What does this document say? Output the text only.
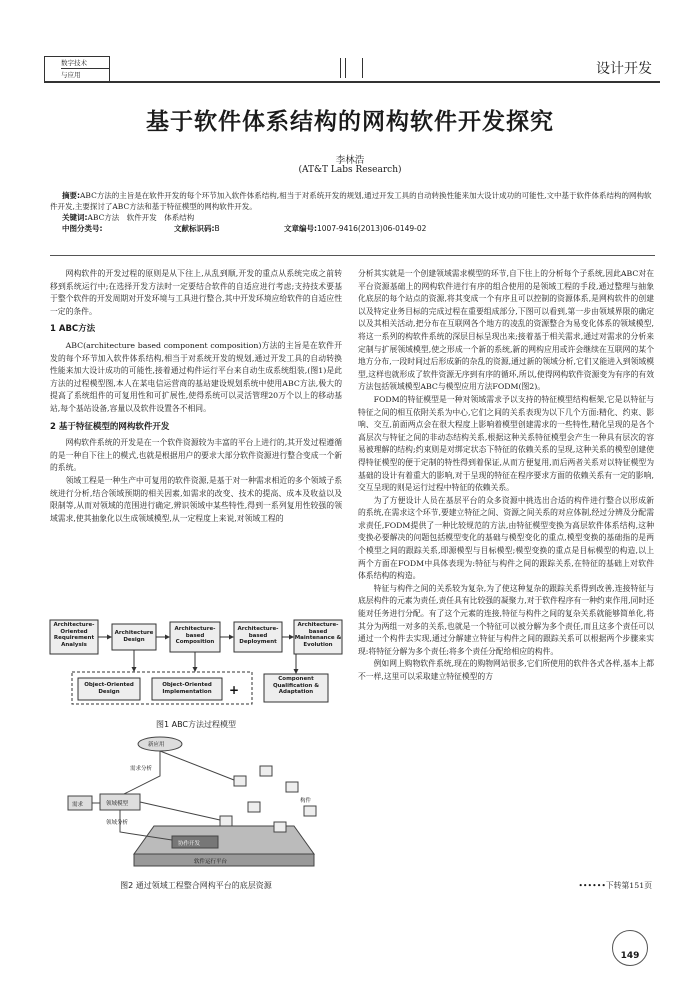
数字技术
与应用	设计开发
基于软件体系结构的网构软件开发探究
李林浩
(AT&T Labs Research)
摘要:ABC方法的主旨是在软件开发的每个环节加入软件体系结构,相当于对系统开发的规划,通过开发工具的自动转换性能来加大设计成功的可能性,文中基于软件体系结构的网构软件开发,主要探讨了ABC方法和基于特征模型的网构软件开发。
关键词:ABC方法　软件开发　体系结构
中图分类号:	文献标识码:B	文章编号:1007-9416(2013)06-0149-02

网构软件的开发过程的原则是从下往上,从乱到顺,开发的重点从系统完成之前转移到系统运行中;在选择开发方法时一定要结合软件的自适应进行考虑;支持技术要基于整个软件的开发周期对开发环境与工具进行整合,其中开发环境应给软件的自适应性一定的条件。

1 ABC方法

ABC(architecture based component composition)方法的主旨是在软件开发的每个环节加入软件体系结构,相当于对系统开发的规划,通过开发工具的自动转换性能来加大设计成功的可能性,接着通过构件运行平台来自动生成系统组装,(图1)是此方法的过程模型图,本人在某电信运营商的基站建设规划系统中使用ABC方法,极大的提高了系统组件的可复用性和可扩展性,使得系统可以灵活管理20万个以上的移动基站,每个基站设备,容量以及软件设置各不相同。

2 基于特征模型的网构软件开发

网构软件系统的开发是在一个软件资源较为丰富的平台上进行的,其开发过程遵循的是一种自下往上的模式,也就是根据用户的要求大部分软件资源进行整合变成一个新的系统。

领域工程是一种生产中可复用的软件资源,是基于对一种需求相近的多个领域子系统进行分析,结合领域预期的相关因素,如需求的改变、技术的提高、成本及收益以及限制等,从而对领域的范围进行确定,辨识领域中某些特性,得到一系列复用性较强的领域需求,使其抽象化以生成领域模型,从一定程度上来说,对领域工程的

Architecture-Oriented Requirement Analysis
Architecture Design
Architecture-based Composition
Architecture-based Deployment
Architecture-based Maintenance & Evolution
Object-Oriented Design
Object-Oriented Implementation	+
Component Qualification & Adaptation
图1 ABC方法过程模型
新应用
需求分析
需求	领域模型
领域分析
构件
软件运行平台
协作开发
图2 通过领域工程整合网构平台的底层资源

分析其实就是一个创建领域需求模型的环节,自下往上的分析每个子系统,因此ABC对在平台资源基础上的网构软件进行有序的组合使用的是领域工程的手段,通过整理与抽象化底层的每个站点的资源,将其变成一个有序且可以控制的资源体系,是网构软件的创建以及特定业务目标的完成过程在重要组成部分,下图可以看到,第一步由领域界限的确定以及其相关活动,把分布在互联网各个地方的凌乱的资源整合为易变化体系的领域模型,将这一系列的构软件系统的深层目标呈现出来;接着基于相关需求,通过对需求的分析来定制与扩展领域模型,使之形成一个新的系统,新的网构应用或许会继续在互联网的某个地方分布,一段时间过后形成新的杂乱的资源,通过新的领域分析,它们又能进入到领域模型,这样也就形成了软件资源无序到有序的循环,所以,使得网构软件资源变为有序的有效方法包括领域模型ABC与模型应用方法FODM(图2)。

FODM的特征模型是一种对领域需求予以支持的特征模型结构框架,它是以特征与特征之间的相互依附关系为中心,它们之间的关系表现为以下几个方面:精化、约束、影响、交互,前面两点会在很大程度上影响着模型创建需求的一些特性,精化呈现的是各个高层次与特征之间的非动态结构关系,根据这种关系特征模型会产生一种具有层次的容易被理解的结构;约束则是对绑定状态下特征的依赖关系的呈现,这种关系的模型创建使得特征模型的便于定制的特性得到着保证,从而方便复用,而后两者关系对以特征模型为基础的设计有着重大的影响,对于呈现的特征在程序要求方面的依赖关系有一定的影响,交互呈现的则是运行过程中特征的依赖关系。

为了方便设计人员在基层平台的众多资源中挑选出合适的构件进行整合以形成新的系统,在需求这个环节,要建立特征之间、资源之间关系的对应体制,经过分辨及分配需求责任,FODM提供了一种比较规范的方法,由特征模型变换为高层软件体系结构,这种变换必要解决的问题包括模型变化的基础与模型变化的重点,模型变换的基础指的是两个模型之间的跟踪关系,即源模型与目标模型;模型变换的重点是目标模型的构造,以上两个方面在FODM中具体表现为:特征与构件之间的跟踪关系,在特征的基础上对软件体系结构的构造。

特征与构件之间的关系较为复杂,为了使这种复杂的跟踪关系得到改善,连接特征与底层构件的元素为责任,责任具有比较强的凝聚力,对于软件程序有一种约束作用,同时还能对任务进行分配。有了这个元素的连接,特征与构件之间的复杂关系就能够简单化,将其分为两组一对多的关系,也就是一个特征可以被分解为多个责任,而且这多个责任可以通过一个构件去实现,通过分解建立特征与构件之间的跟踪关系可以根据两个步骤来实现:将特征分解为多个责任;将多个责任分配给相应的构件。

例如网上购物软件系统,现在的购物网站很多,它们所使用的软件各式各样,基本上都不一样,这里可以采取建立特征模型的方

••••••下转第151页
149
